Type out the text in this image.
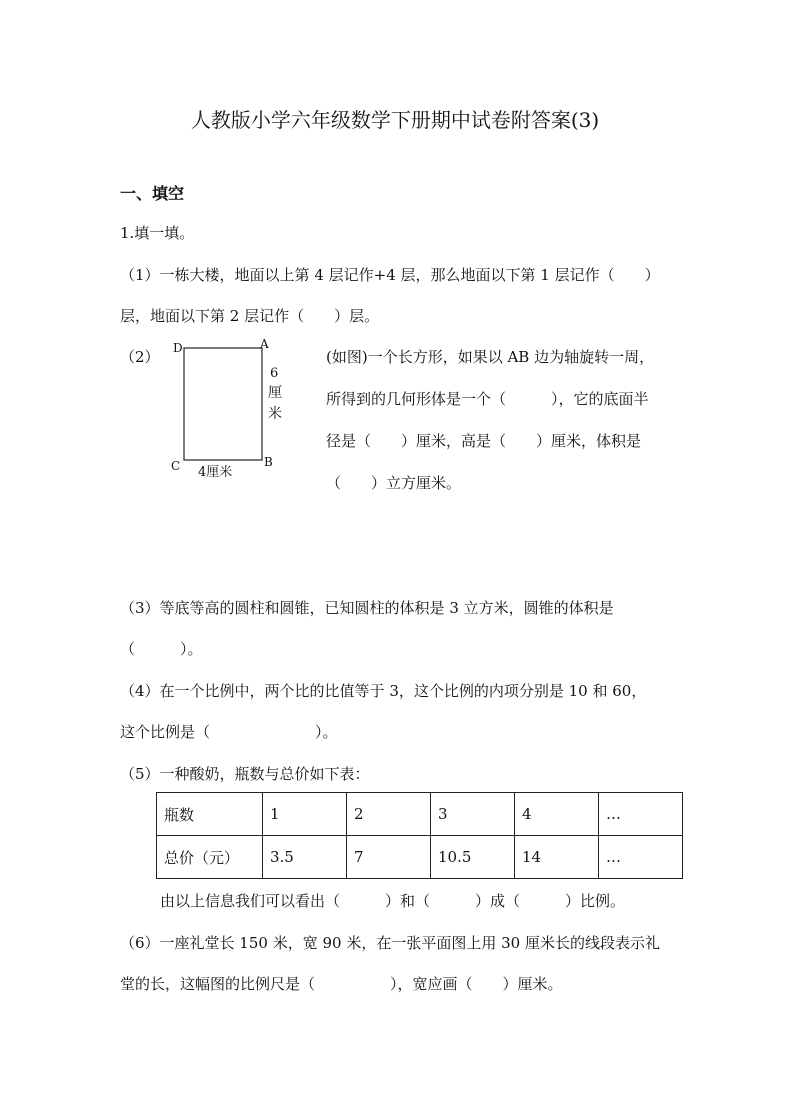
人教版小学六年级数学下册期中试卷附答案(3)
一、填空
1.填一填。
（1）一栋大楼，地面以上第 4 层记作+4 层，那么地面以下第 1 层记作（　　）
层，地面以下第 2 层记作（　　）层。
（2） D	A
C	B
6
厘
米
4厘米
(如图)一个长方形，如果以 AB 边为轴旋转一周，
所得到的几何形体是一个（　　　），它的底面半
径是（　　）厘米，高是（　　）厘米，体积是
（　　）立方厘米。
（3）等底等高的圆柱和圆锥，已知圆柱的体积是 3 立方米，圆锥的体积是
（　　　）。
（4）在一个比例中，两个比的比值等于 3，这个比例的内项分别是 10 和 60，
这个比例是（　　　　　　　）。
（5）一种酸奶，瓶数与总价如下表：
瓶数	1	2	3	4	…
总价（元）	3.5	7	10.5	14	…
由以上信息我们可以看出（　　　）和（　　　）成（　　　）比例。
（6）一座礼堂长 150 米，宽 90 米，在一张平面图上用 30 厘米长的线段表示礼
堂的长，这幅图的比例尺是（　　　　　），宽应画（　　）厘米。
